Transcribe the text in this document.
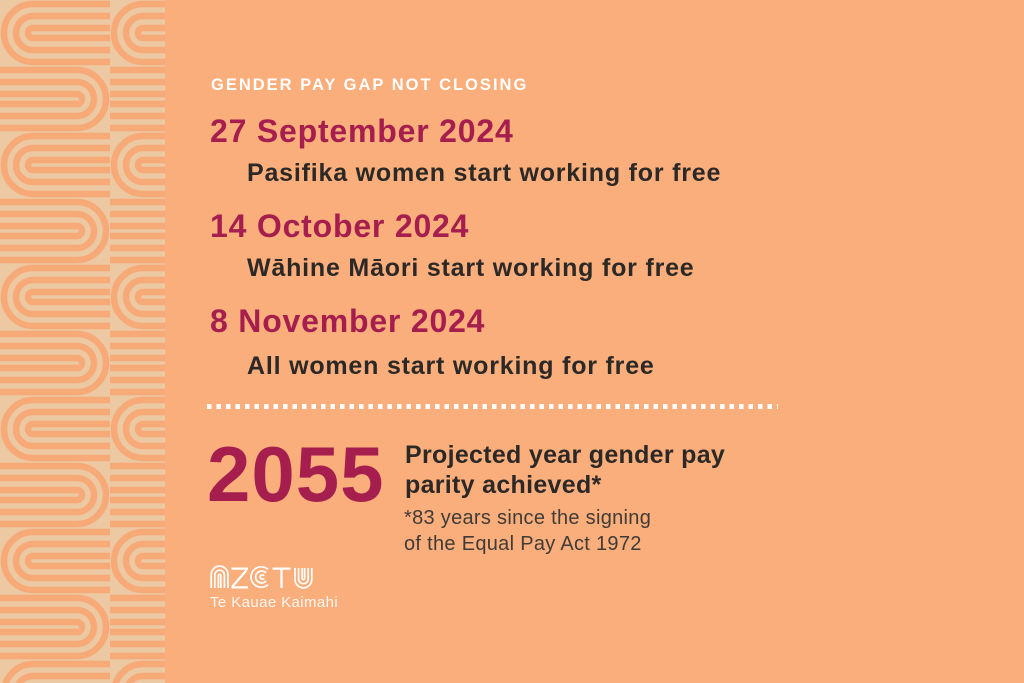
GENDER PAY GAP NOT CLOSING
27 September 2024
Pasifika women start working for free
14 October 2024
Wāhine Māori start working for free
8 November 2024
All women start working for free
2055 Projected year gender pay
parity achieved*
*83 years since the signing
of the Equal Pay Act 1972
Te Kauae Kaimahi
